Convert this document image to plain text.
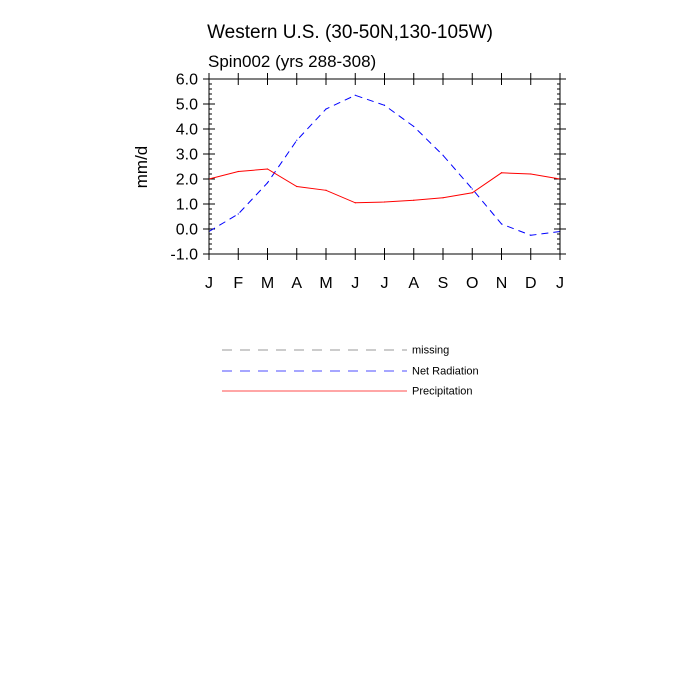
Western U.S. (30-50N,130-105W)
Spin002 (yrs 288-308)
mm/d
6.0
5.0
4.0
3.0
2.0
1.0
0.0
-1.0
J F M A M J J A S O N D J
missing
Net Radiation
Precipitation
